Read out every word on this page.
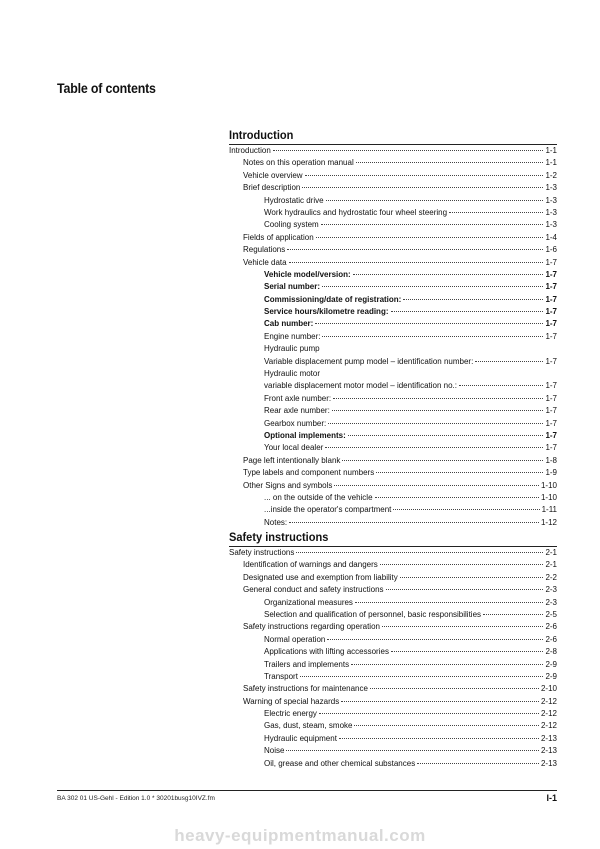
Table of contents
Introduction
Introduction	1-1
Notes on this operation manual	1-1
Vehicle overview	1-2
Brief description	1-3
Hydrostatic drive	1-3
Work hydraulics and hydrostatic four wheel steering	1-3
Cooling system	1-3
Fields of application	1-4
Regulations	1-6
Vehicle data	1-7
Vehicle model/version:	1-7
Serial number:	1-7
Commissioning/date of registration:	1-7
Service hours/kilometre reading:	1-7
Cab number:	1-7
Engine number:	1-7
Hydraulic pump
Variable displacement pump model – identification number:	1-7
Hydraulic motor
variable displacement motor model – identification no.:	1-7
Front axle number:	1-7
Rear axle number:	1-7
Gearbox number:	1-7
Optional implements:	1-7
Your local dealer	1-7
Page left intentionally blank	1-8
Type labels and component numbers	1-9
Other Signs and symbols	1-10
... on the outside of the vehicle	1-10
...inside the operator's compartment	1-11
Notes:	1-12
Safety instructions
Safety instructions	2-1
Identification of warnings and dangers	2-1
Designated use and exemption from liability	2-2
General conduct and safety instructions	2-3
Organizational measures	2-3
Selection and qualification of personnel, basic responsibilities	2-5
Safety instructions regarding operation	2-6
Normal operation	2-6
Applications with lifting accessories	2-8
Trailers and implements	2-9
Transport	2-9
Safety instructions for maintenance	2-10
Warning of special hazards	2-12
Electric energy	2-12
Gas, dust, steam, smoke	2-12
Hydraulic equipment	2-13
Noise	2-13
Oil, grease and other chemical substances	2-13
BA 302 01 US-Gehl - Edition 1.0 * 30201busg10IVZ.fm	I-1
heavy-equipmentmanual.com
